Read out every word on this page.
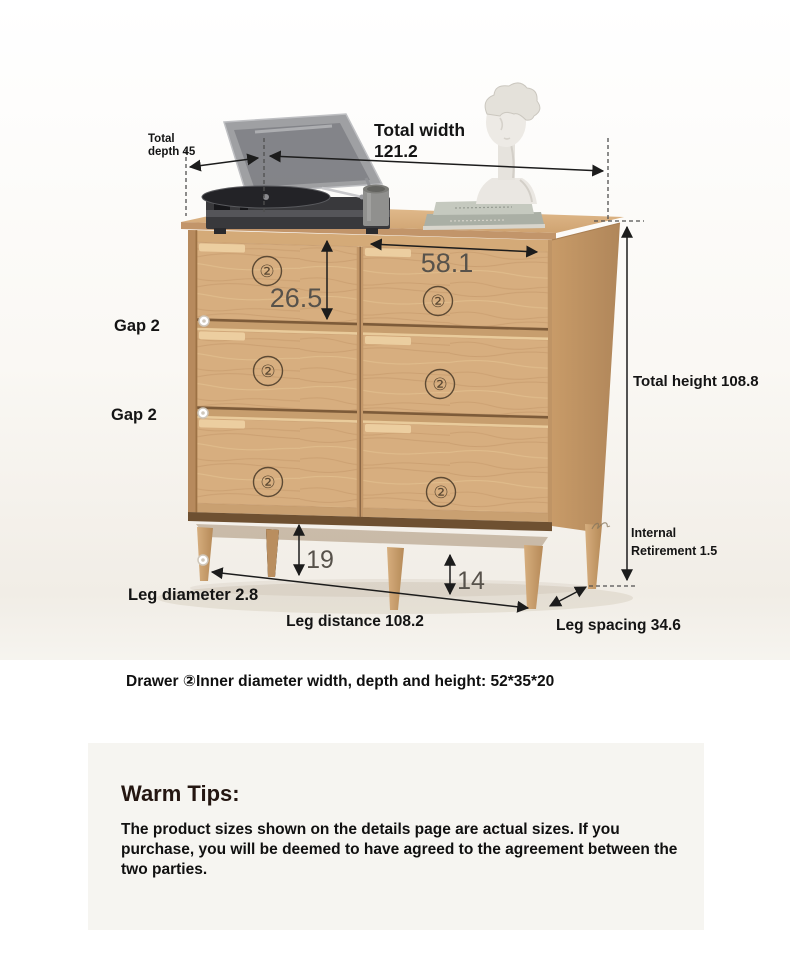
②
②
②
②
②
②
Total
depth 45
Total width
121.2
58.1
26.5
Gap 2
Gap 2
Total height 108.8
Internal
Retirement 1.5
19
14
Leg diameter 2.8
Leg distance 108.2	Leg spacing 34.6
Drawer ②Inner diameter width, depth and height: 52*35*20
Warm Tips:

The product sizes shown on the details page are actual sizes. If you purchase, you will be deemed to have agreed to the agreement between the two parties.
